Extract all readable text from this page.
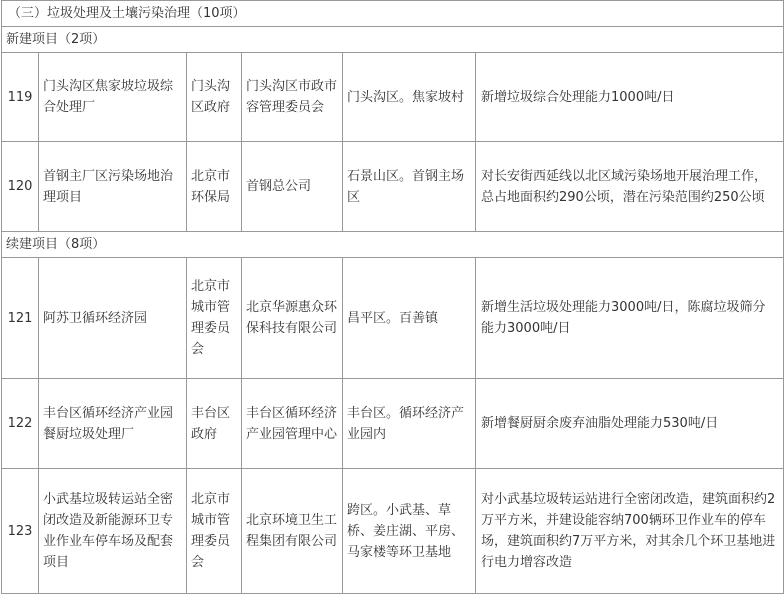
（三）垃圾处理及土壤污染治理（10项）					
新建项目（2项）					
119	门头沟区焦家坡垃圾综合处理厂	门头沟区政府	门头沟区市政市容管理委员会	门头沟区。焦家坡村	新增垃圾综合处理能力1000吨/日
120	首钢主厂区污染场地治理项目	北京市环保局	首钢总公司	石景山区。首钢主场区	对长安街西延线以北区域污染场地开展治理工作，总占地面积约290公顷，潜在污染范围约250公顷
续建项目（8项）					
121	阿苏卫循环经济园	北京市城市管理委员会	北京华源惠众环保科技有限公司	昌平区。百善镇	新增生活垃圾处理能力3000吨/日，陈腐垃圾筛分能力3000吨/日
122	丰台区循环经济产业园餐厨垃圾处理厂	丰台区政府	丰台区循环经济产业园管理中心	丰台区。循环经济产业园内	新增餐厨厨余废弃油脂处理能力530吨/日
123	小武基垃圾转运站全密闭改造及新能源环卫专业作业车停车场及配套项目	北京市城市管理委员会	北京环境卫生工程集团有限公司	跨区。小武基、草桥、姜庄湖、平房、马家楼等环卫基地	对小武基垃圾转运站进行全密闭改造，建筑面积约2万平方米，并建设能容纳700辆环卫作业车的停车场，建筑面积约7万平方米，对其余几个环卫基地进行电力增容改造
